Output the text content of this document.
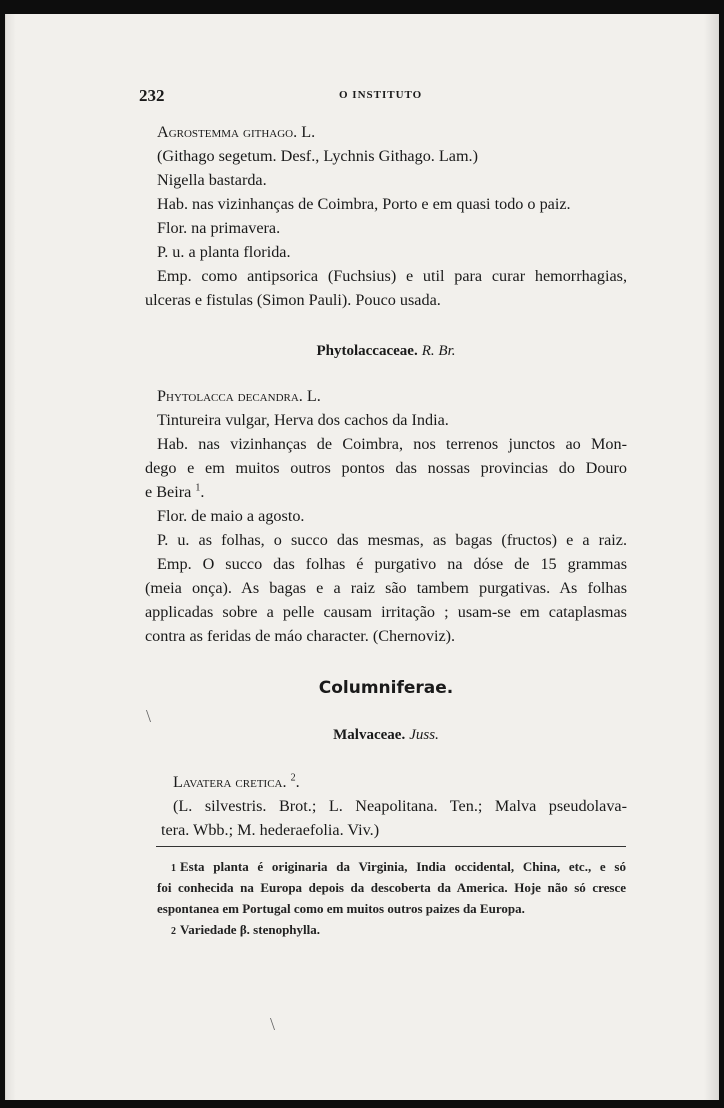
232	O INSTITUTO
Agrostemma githago. L.
(Githago segetum. Desf., Lychnis Githago. Lam.)
Nigella bastarda.
Hab. nas vizinhanças de Coimbra, Porto e em quasi todo o paiz.
Flor. na primavera.
P. u. a planta florida.
Emp. como antipsorica (Fuchsius) e util para curar hemorrhagias,
ulceras e fistulas (Simon Pauli). Pouco usada.
Phytolaccaceae. R. Br.
Phytolacca decandra. L.
Tintureira vulgar, Herva dos cachos da India.
Hab. nas vizinhanças de Coimbra, nos terrenos junctos ao Mon-
dego e em muitos outros pontos das nossas provincias do Douro
e Beira $^1$.
Flor. de maio a agosto.
P. u. as folhas, o succo das mesmas, as bagas (fructos) e a raiz.
Emp. O succo das folhas é purgativo na dóse de 15 grammas
(meia onça). As bagas e a raiz são tambem purgativas. As folhas
applicadas sobre a pelle causam irritação ; usam-se em cataplasmas
contra as feridas de máo character. (Chernoviz).
Columniferae.
Malvaceae. Juss.
Lavatera cretica. $^2$.
(L. silvestris. Brot.; L. Neapolitana. Ten.; Malva pseudolava-
tera. Wbb.; M. hederaefolia. Viv.)
1 Esta planta é originaria da Virginia, India occidental, China, etc., e só
foi conhecida na Europa depois da descoberta da America. Hoje não só cresce
espontanea em Portugal como em muitos outros paizes da Europa.
2 Variedade β. stenophylla.
\
\
